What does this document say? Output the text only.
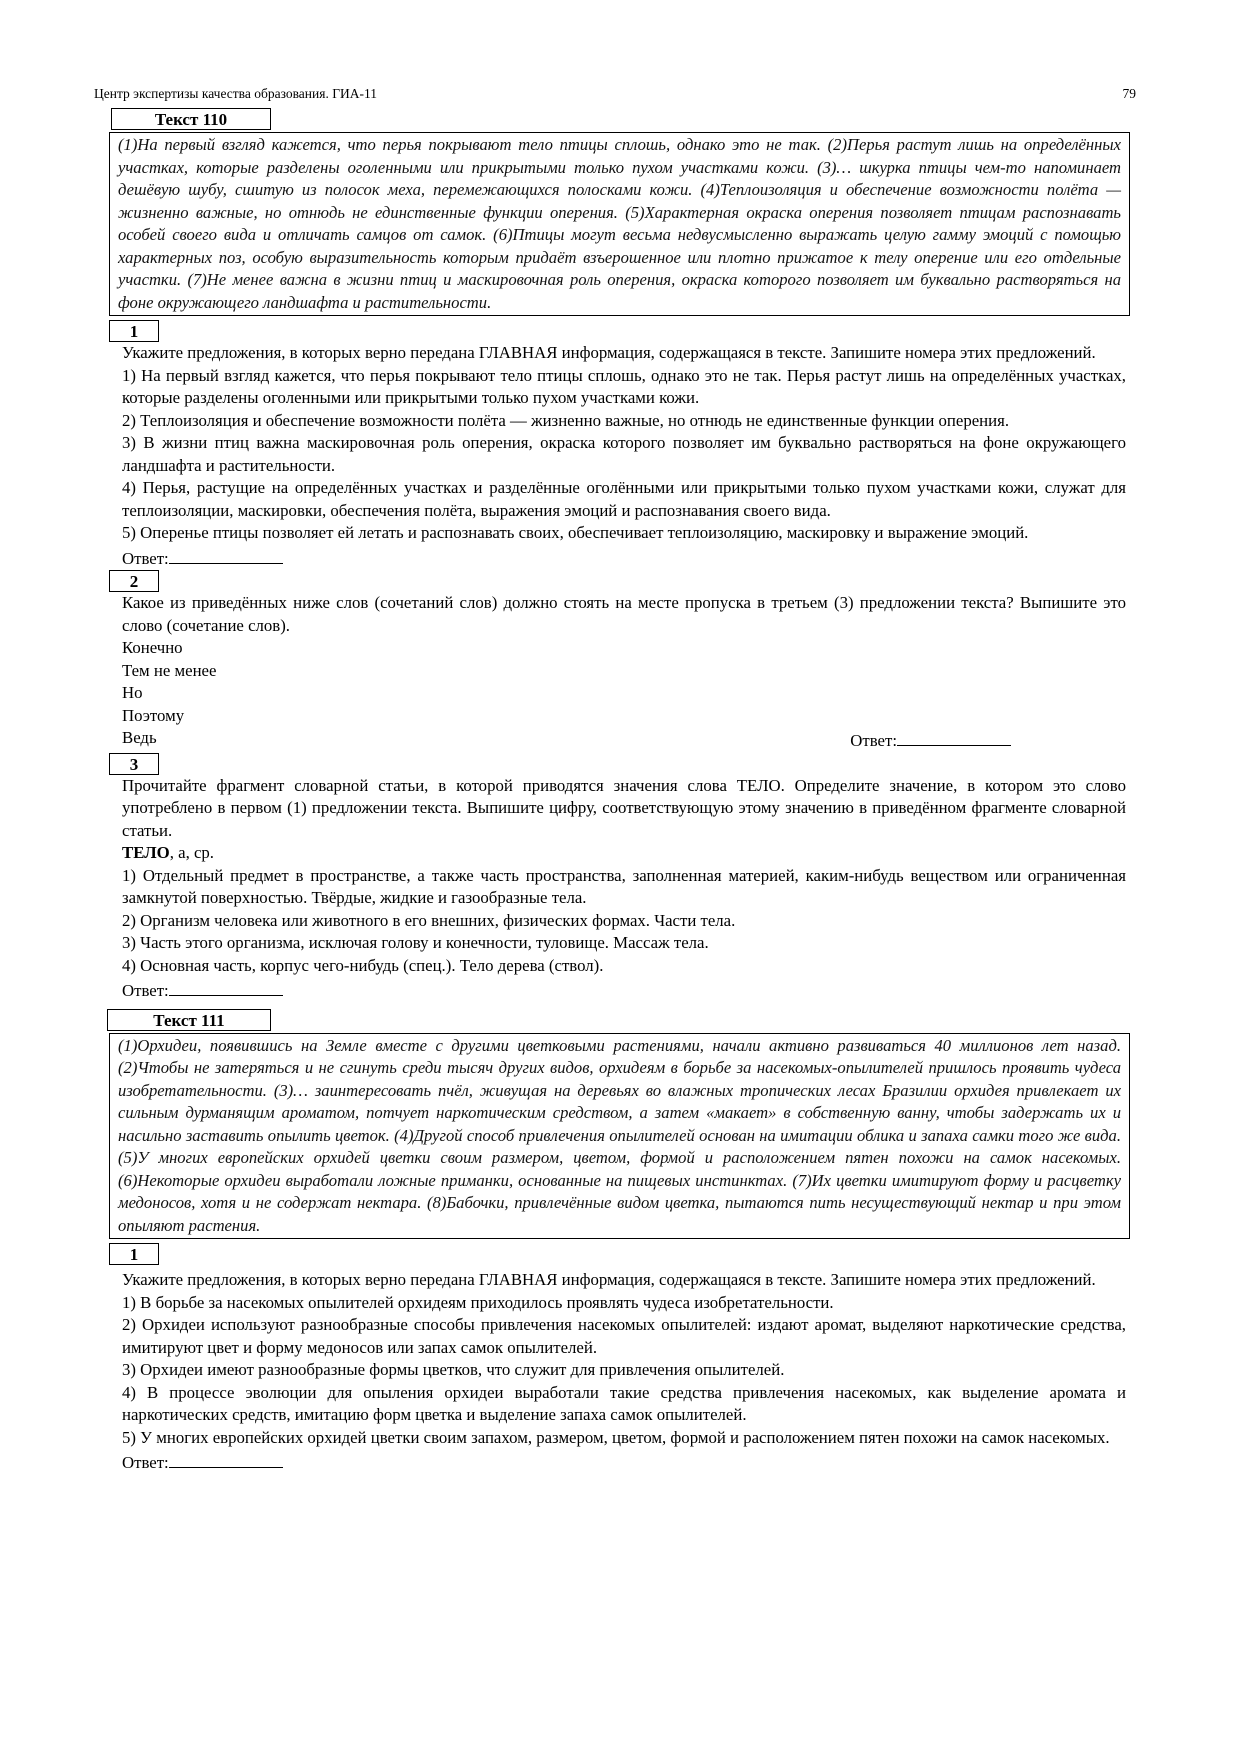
Центр экспертизы качества образования. ГИА-11	79
Текст 110
(1)На первый взгляд кажется, что перья покрывают тело птицы сплошь, однако это не так. (2)Перья растут лишь на определённых участках, которые разделены оголенными или прикрытыми только пухом участками кожи. (3)… шкурка птицы чем-то напоминает дешёвую шубу, сшитую из полосок меха, перемежающихся полосками кожи. (4)Теплоизоляция и обеспечение возможности полёта — жизненно важные, но отнюдь не единственные функции оперения. (5)Характерная окраска оперения позволяет птицам распознавать особей своего вида и отличать самцов от самок. (6)Птицы могут весьма недвусмысленно выражать целую гамму эмоций с помощью характерных поз, особую выразительность которым придаёт взъерошенное или плотно прижатое к телу оперение или его отдельные участки. (7)Не менее важна в жизни птиц и маскировочная роль оперения, окраска которого позволяет им буквально растворяться на фоне окружающего ландшафта и растительности.
1

Укажите предложения, в которых верно передана ГЛАВНАЯ информация, содержащаяся в тексте. Запишите номера этих предложений.

1) На первый взгляд кажется, что перья покрывают тело птицы сплошь, однако это не так. Перья растут лишь на определённых участках, которые разделены оголенными или прикрытыми только пухом участками кожи.

2) Теплоизоляция и обеспечение возможности полёта — жизненно важные, но отнюдь не единственные функции оперения.

3) В жизни птиц важна маскировочная роль оперения, окраска которого позволяет им буквально растворяться на фоне окружающего ландшафта и растительности.

4) Перья, растущие на определённых участках и разделённые оголёнными или прикрытыми только пухом участками кожи, служат для теплоизоляции, маскировки, обеспечения полёта, выражения эмоций и распознавания своего вида.

5) Оперенье птицы позволяет ей летать и распознавать своих, обеспечивает теплоизоляцию, маскировку и выражение эмоций.

Ответ:

2

Какое из приведённых ниже слов (сочетаний слов) должно стоять на месте пропуска в третьем (3) предложении текста? Выпишите это слово (сочетание слов).

Конечно

Тем не менее

Но

Поэтому

Ведь	Ответ:
3

Прочитайте фрагмент словарной статьи, в которой приводятся значения слова ТЕЛО. Определите значение, в котором это слово употреблено в первом (1) предложении текста. Выпишите цифру, соответствующую этому значению в приведённом фрагменте словарной статьи.

ТЕЛО, а, ср.

1) Отдельный предмет в пространстве, а также часть пространства, заполненная материей, каким-нибудь веществом или ограниченная замкнутой поверхностью. Твёрдые, жидкие и газообразные тела.

2) Организм человека или животного в его внешних, физических формах. Части тела.

3) Часть этого организма, исключая голову и конечности, туловище. Массаж тела.

4) Основная часть, корпус чего-нибудь (спец.). Тело дерева (ствол).

Ответ:

Текст 111
(1)Орхидеи, появившись на Земле вместе с другими цветковыми растениями, начали активно развиваться 40 миллионов лет назад. (2)Чтобы не затеряться и не сгинуть среди тысяч других видов, орхидеям в борьбе за насекомых-опылителей пришлось проявить чудеса изобретательности. (3)… заинтересовать пчёл, живущая на деревьях во влажных тропических лесах Бразилии орхидея привлекает их сильным дурманящим ароматом, потчует наркотическим средством, а затем «макает» в собственную ванну, чтобы задержать их и насильно заставить опылить цветок. (4)Другой способ привлечения опылителей основан на имитации облика и запаха самки того же вида. (5)У многих европейских орхидей цветки своим размером, цветом, формой и расположением пятен похожи на самок насекомых. (6)Некоторые орхидеи выработали ложные приманки, основанные на пищевых инстинктах. (7)Их цветки имитируют форму и расцветку медоносов, хотя и не содержат нектара. (8)Бабочки, привлечённые видом цветка, пытаются пить несуществующий нектар и при этом опыляют растения.
1

Укажите предложения, в которых верно передана ГЛАВНАЯ информация, содержащаяся в тексте. Запишите номера этих предложений.

1) В борьбе за насекомых опылителей орхидеям приходилось проявлять чудеса изобретательности.

2) Орхидеи используют разнообразные способы привлечения насекомых опылителей: издают аромат, выделяют наркотические средства, имитируют цвет и форму медоносов или запах самок опылителей.

3) Орхидеи имеют разнообразные формы цветков, что служит для привлечения опылителей.

4) В процессе эволюции для опыления орхидеи выработали такие средства привлечения насекомых, как выделение аромата и наркотических средств, имитацию форм цветка и выделение запаха самок опылителей.

5) У многих европейских орхидей цветки своим запахом, размером, цветом, формой и расположением пятен похожи на самок насекомых.

Ответ:
